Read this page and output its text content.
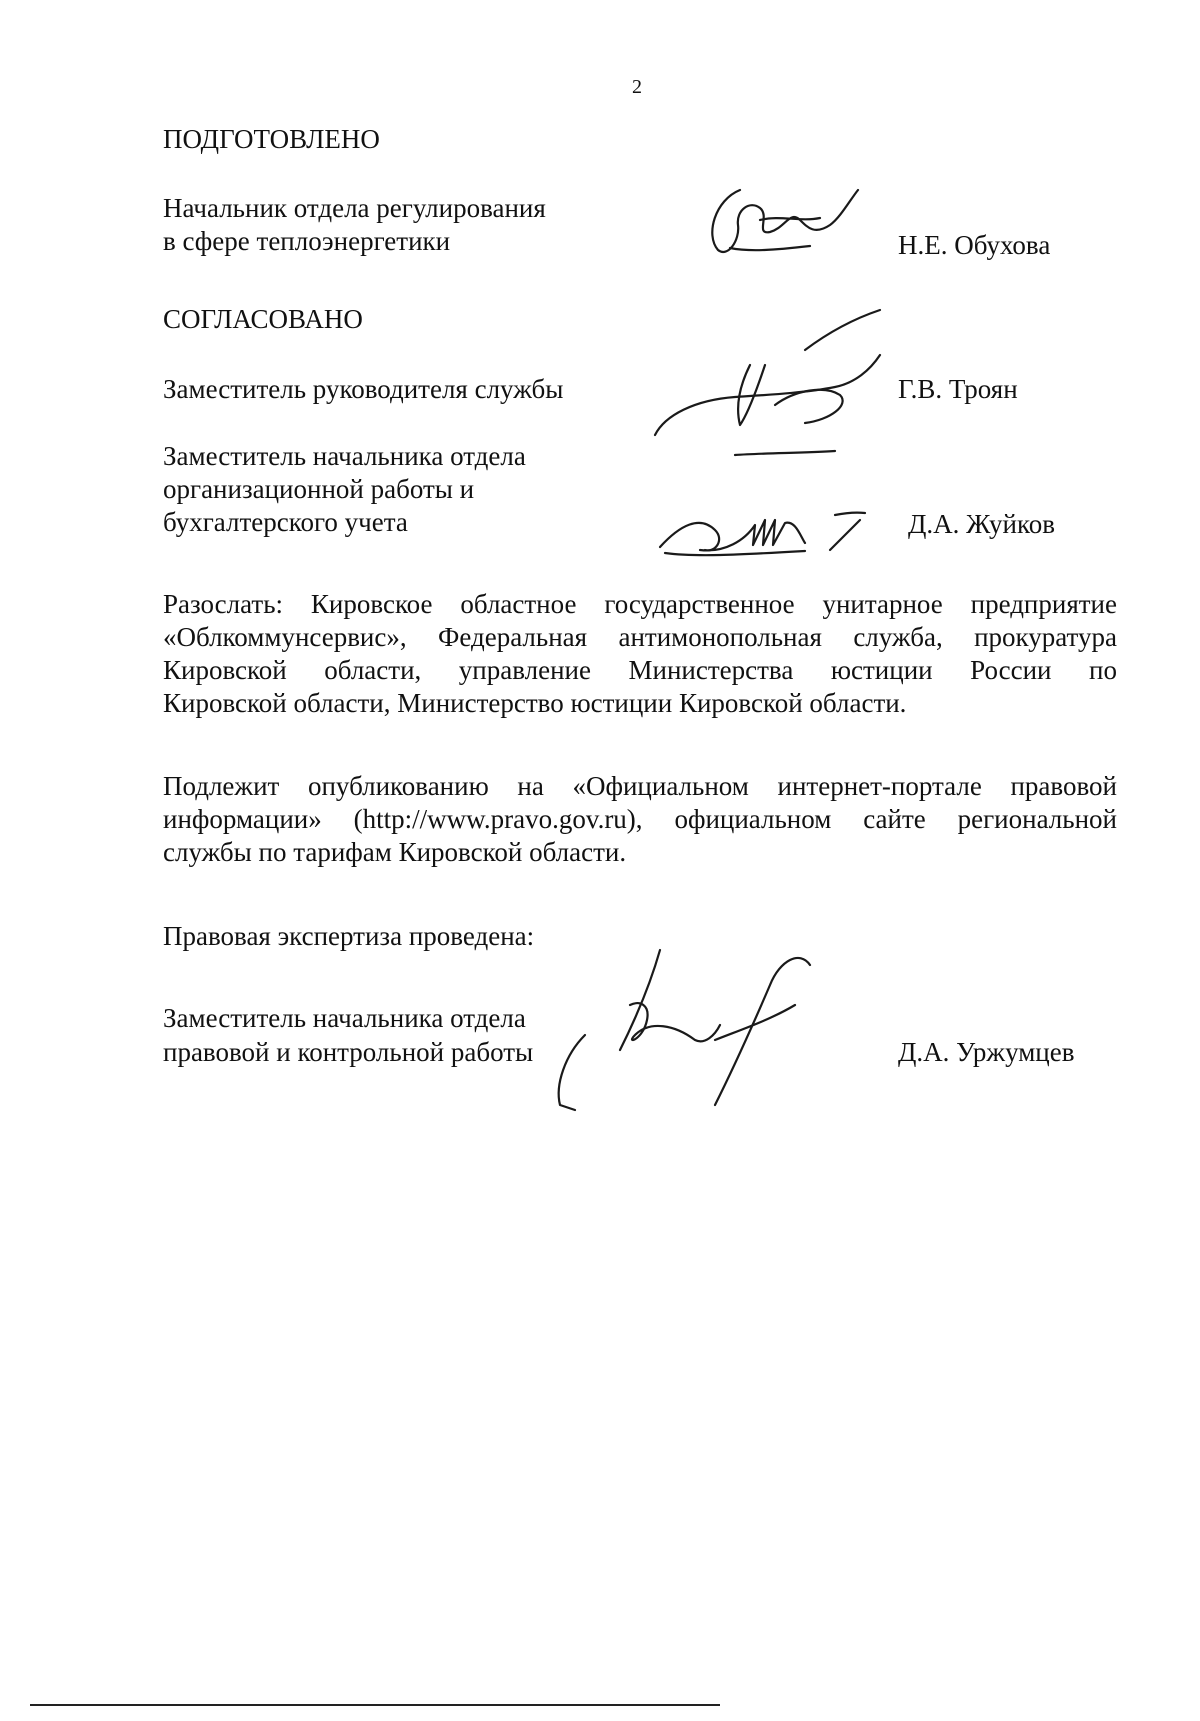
2
ПОДГОТОВЛЕНО
Начальник отдела регулирования
в сфере теплоэнергетики	Н.Е. Обухова
СОГЛАСОВАНО
Заместитель руководителя службы	Г.В. Троян
Заместитель начальника отдела
организационной работы и
бухгалтерского учета	Д.А. Жуйков
Разослать: Кировское областное государственное унитарное предприятие
«Облкоммунсервис», Федеральная антимонопольная служба, прокуратура
Кировской области, управление Министерства юстиции России по
Кировской области, Министерство юстиции Кировской области.
Подлежит опубликованию на «Официальном интернет-портале правовой
информации» (http://www.pravo.gov.ru), официальном сайте региональной
службы по тарифам Кировской области.
Правовая экспертиза проведена:
Заместитель начальника отдела
правовой и контрольной работы	Д.А. Уржумцев
